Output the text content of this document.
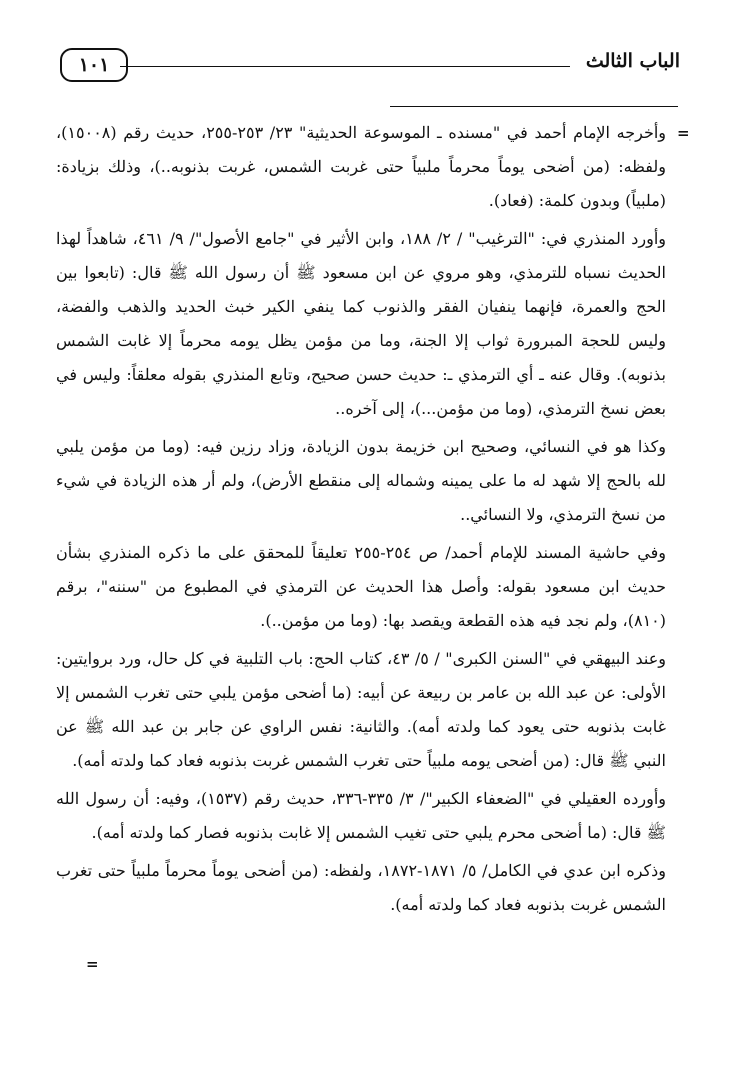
الباب الثالث
١٠١
=

وأخرجه الإمام أحمد في "مسنده ـ الموسوعة الحديثية" ٢٣/ ٢٥٣-٢٥٥، حديث رقم (١٥٠٠٨)، ولفظه: (من أضحى يوماً محرماً ملبياً حتى غربت الشمس، غربت بذنوبه..)، وذلك بزيادة: (ملبياً) وبدون كلمة: (فعاد).

وأورد المنذري في: "الترغيب" / ٢/ ١٨٨، وابن الأثير في "جامع الأصول"/ ٩/ ٤٦١، شاهداً لهذا الحديث نسباه للترمذي، وهو مروي عن ابن مسعود ﷺ أن رسول الله ﷺ قال: (تابعوا بين الحج والعمرة، فإنهما ينفيان الفقر والذنوب كما ينفي الكير خبث الحديد والذهب والفضة، وليس للحجة المبرورة ثواب إلا الجنة، وما من مؤمن يظل يومه محرماً إلا غابت الشمس بذنوبه). وقال عنه ـ أي الترمذي ـ: حديث حسن صحيح، وتابع المنذري بقوله معلقاً: وليس في بعض نسخ الترمذي، (وما من مؤمن...)، إلى آخره..

وكذا هو في النسائي، وصحيح ابن خزيمة بدون الزيادة، وزاد رزين فيه: (وما من مؤمن يلبي لله بالحج إلا شهد له ما على يمينه وشماله إلى منقطع الأرض)، ولم أر هذه الزيادة في شيء من نسخ الترمذي، ولا النسائي..

وفي حاشية المسند للإمام أحمد/ ص ٢٥٤-٢٥٥ تعليقاً للمحقق على ما ذكره المنذري بشأن حديث ابن مسعود بقوله: وأصل هذا الحديث عن الترمذي في المطبوع من "سننه"، برقم (٨١٠)، ولم نجد فيه هذه القطعة ويقصد بها: (وما من مؤمن..).

وعند البيهقي في "السنن الكبرى" / ٥/ ٤٣، كتاب الحج: باب التلبية في كل حال، ورد بروايتين: الأولى: عن عبد الله بن عامر بن ربيعة عن أبيه: (ما أضحى مؤمن يلبي حتى تغرب الشمس إلا غابت بذنوبه حتى يعود كما ولدته أمه). والثانية: نفس الراوي عن جابر بن عبد الله ﷺ عن النبي ﷺ قال: (من أضحى يومه ملبياً حتى تغرب الشمس غربت بذنوبه فعاد كما ولدته أمه).

وأورده العقيلي في "الضعفاء الكبير"/ ٣/ ٣٣٥-٣٣٦، حديث رقم (١٥٣٧)، وفيه: أن رسول الله ﷺ قال: (ما أضحى محرم يلبي حتى تغيب الشمس إلا غابت بذنوبه فصار كما ولدته أمه).

وذكره ابن عدي في الكامل/ ٥/ ١٨٧١-١٨٧٢، ولفظه: (من أضحى يوماً محرماً ملبياً حتى تغرب الشمس غربت بذنوبه فعاد كما ولدته أمه).

=
